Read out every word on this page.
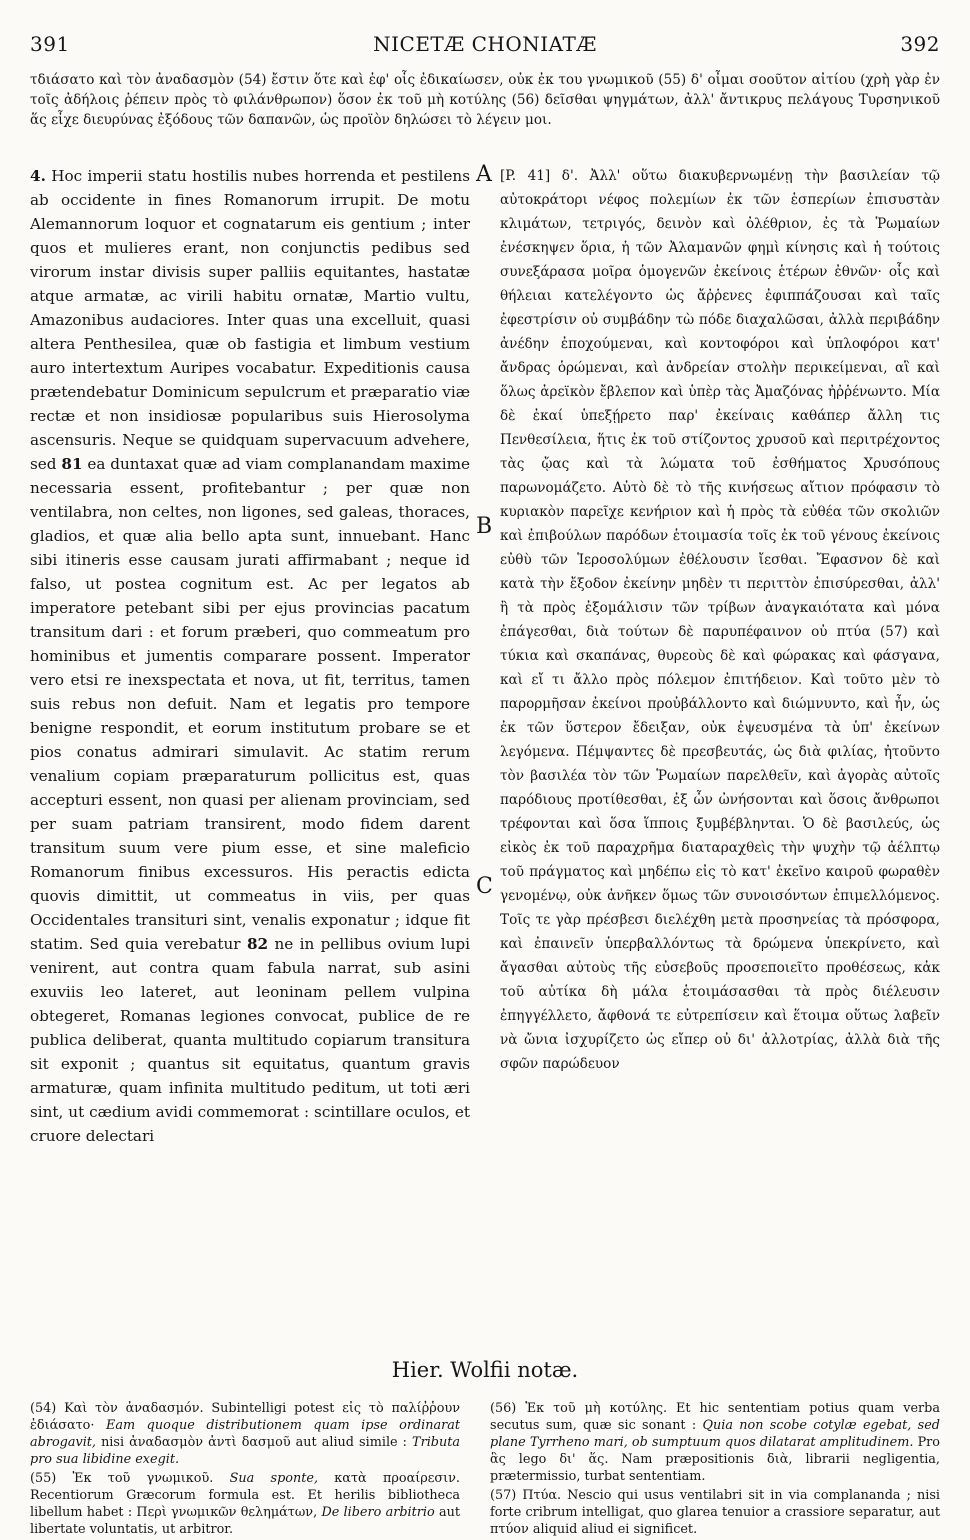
391	NICETÆ CHONIATÆ	392

τδιάσατο καὶ τὸν ἀναδασμὸν (54) ἔστιν ὅτε καὶ ἐφ' οἷς ἐδικαίωσεν, οὐκ ἐκ του γνωμικοῦ (55) δ' οἶμαι σοοῦτον αἰτίου (χρὴ γὰρ ἐν τοῖς ἀδήλοις ῥέπειν πρὸς τὸ φιλάνθρωπον) ὅσον ἐκ τοῦ μὴ κοτύλης (56) δεῖσθαι ψηγμάτων, ἀλλ' ἄντικρυς πελάγους Τυρσηνικοῦ ἅς εἶχε διευρύνας ἐξόδους τῶν δαπανῶν, ὡς προϊὸν δηλώσει τὸ λέγειν μοι.

4. Hoc imperii statu hostilis nubes horrenda et pestilens ab occidente in fines Romanorum irrupit. De motu Alemannorum loquor et cognatarum eis gentium ; inter quos et mulieres erant, non conjunctis pedibus sed virorum instar divisis super palliis equitantes, hastatæ atque armatæ, ac virili habitu ornatæ, Martio vultu, Amazonibus audaciores. Inter quas una excelluit, quasi altera Penthesilea, quæ ob fastigia et limbum vestium auro intertextum Auripes vocabatur. Expeditionis causa prætendebatur Dominicum sepulcrum et præparatio viæ rectæ et non insidiosæ popularibus suis Hierosolyma ascensuris. Neque se quidquam supervacuum advehere, sed 81 ea duntaxat quæ ad viam complanandam maxime necessaria essent, profitebantur ; per quæ non ventilabra, non celtes, non ligones, sed galeas, thoraces, gladios, et quæ alia bello apta sunt, innuebant. Hanc sibi itineris esse causam jurati affirmabant ; neque id falso, ut postea cognitum est. Ac per legatos ab imperatore petebant sibi per ejus provincias pacatum transitum dari : et forum præberi, quo commeatum pro hominibus et jumentis comparare possent. Imperator vero etsi re inexspectata et nova, ut fit, territus, tamen suis rebus non defuit. Nam et legatis pro tempore benigne respondit, et eorum institutum probare se et pios conatus admirari simulavit. Ac statim rerum venalium copiam præparaturum pollicitus est, quas accepturi essent, non quasi per alienam provinciam, sed per suam patriam transirent, modo fidem darent transitum suum vere pium esse, et sine maleficio Romanorum finibus excessuros. His peractis edicta quovis dimittit, ut commeatus in viis, per quas Occidentales transituri sint, venalis exponatur ; idque fit statim. Sed quia verebatur 82 ne in pellibus ovium lupi venirent, aut contra quam fabula narrat, sub asini exuviis leo lateret, aut leoninam pellem vulpina obtegeret, Romanas legiones convocat, publice de re publica deliberat, quanta multitudo copiarum transitura sit exponit ; quantus sit equitatus, quantum gravis armaturæ, quam infinita multitudo peditum, ut toti æri sint, ut cædium avidi commemorat : scintillare oculos, et cruore delectari

A
B
C

[P. 41] δ'. Ἀλλ' οὕτω διακυβερνωμένῃ τὴν βασιλείαν τῷ αὐτοκράτορι νέφος πολεμίων ἐκ τῶν ἑσπερίων ἐπισυστὰν κλιμάτων, τετριγός, δεινὸν καὶ ὀλέθριον, ἐς τὰ Ῥωμαίων ἐνέσκηψεν ὅρια, ἡ τῶν Ἀλαμανῶν φημὶ κίνησις καὶ ἡ τούτοις συνεξάρασα μοῖρα ὁμογενῶν ἐκείνοις ἑτέρων ἐθνῶν· οἷς καὶ θήλειαι κατελέγοντο ὡς ἄῤῥενες ἐφιππάζουσαι καὶ ταῖς ἐφεστρίσιν οὐ συμβάδην τὼ πόδε διαχαλῶσαι, ἀλλὰ περιβάδην ἀνέδην ἐποχούμεναι, καὶ κοντοφόροι καὶ ὑπλοφόροι κατ' ἄνδρας ὁρώμεναι, καὶ ἀνδρείαν στολὴν περικείμεναι, αἳ καὶ ὅλως ἀρεϊκὸν ἔβλεπον καὶ ὑπὲρ τὰς Ἀμαζόνας ἠῤῥένωντο. Μία δὲ ἐκαί ὑπεξῄρετο παρ' ἐκείναις καθάπερ ἄλλη τις Πενθεσίλεια, ἥτις ἐκ τοῦ στίζοντος χρυσοῦ καὶ περιτρέχοντος τὰς ᾤας καὶ τὰ λώματα τοῦ ἐσθήματος Χρυσόπους παρωνομάζετο. Αὐτὸ δὲ τὸ τῆς κινήσεως αἴτιον πρόφασιν τὸ κυριακὸν παρεῖχε κενήριον καὶ ἡ πρὸς τὰ εὐθέα τῶν σκολιῶν καὶ ἐπιβούλων παρόδων ἑτοιμασία τοῖς ἐκ τοῦ γένους ἐκείνοις εὐθὺ τῶν Ἱεροσολύμων ἐθέλουσιν ἴεσθαι. Ἔφασνον δὲ καὶ κατὰ τὴν ἔξοδον ἐκείνην μηδὲν τι περιττὸν ἐπισύρεσθαι, ἀλλ' ἢ τὰ πρὸς ἐξομάλισιν τῶν τρίβων ἀναγκαιότατα καὶ μόνα ἐπάγεσθαι, διὰ τούτων δὲ παρυπέφαινον οὐ πτύα (57) καὶ τύκια καὶ σκαπάνας, θυρεοὺς δὲ καὶ φώρακας καὶ φάσγανα, καὶ εἴ τι ἄλλο πρὸς πόλεμον ἐπιτήδειον. Καὶ τοῦτο μὲν τὸ παρορμῆσαν ἐκείνοι προὐβάλλοντο καὶ διώμνυντο, καὶ ἦν, ὡς ἐκ τῶν ὕστερον ἔδειξαν, οὐκ ἐψευσμένα τὰ ὑπ' ἐκείνων λεγόμενα. Πέμψαντες δὲ πρεσβευτάς, ὡς διὰ φιλίας, ἠτοῦντο τὸν βασιλέα τὸν τῶν Ῥωμαίων παρελθεῖν, καὶ ἀγορὰς αὐτοῖς παρόδιους προτίθεσθαι, ἐξ ὧν ὠνήσονται καὶ ὅσοις ἄνθρωποι τρέφονται καὶ ὅσα ἵπποις ξυμβέβληνται. Ὁ δὲ βασιλεύς, ὡς εἰκὸς ἐκ τοῦ παραχρῆμα διαταραχθεὶς τὴν ψυχὴν τῷ ἀέλπτῳ τοῦ πράγματος καὶ μηδέπω εἰς τὸ κατ' ἐκεῖνο καιροῦ φωραθὲν γενομένῳ, οὐκ ἀνῆκεν ὅμως τῶν συνοισόντων ἐπιμελλόμενος. Τοῖς τε γὰρ πρέσβεσι διελέχθη μετὰ προσηνείας τὰ πρόσφορα, καὶ ἐπαινεῖν ὑπερβαλλόντως τὰ δρώμενα ὑπεκρίνετο, καὶ ἄγασθαι αὐτοὺς τῆς εὐσεβοῦς προσεποιεῖτο προθέσεως, κἀκ τοῦ αὐτίκα δὴ μάλα ἑτοιμάσασθαι τὰ πρὸς διέλευσιν ἐπηγγέλλετο, ἄφθονά τε εὐτρεπίσειν καὶ ἕτοιμα οὕτως λαβεῖν νὰ ὤνια ἰσχυρίζετο ὡς εἴπερ οὐ δι' ἀλλοτρίας, ἀλλὰ διὰ τῆς σφῶν παρώδευον

Hier. Wolfii notæ.

(54) Καὶ τὸν ἀναδασμόν. Subintelligi potest εἰς τὸ παλίῤῥουν ἐδιάσατο· Eam quoque distributionem quam ipse ordinarat abrogavit, nisi ἀναδασμὸν ἀντὶ δασμοῦ aut aliud simile : Tributa pro sua libidine exegit.

(55) Ἐκ τοῦ γνωμικοῦ. Sua sponte, κατὰ προαίρεσιν. Recentiorum Græcorum formula est. Et herilis bibliotheca libellum habet : Περὶ γνωμικῶν θελημάτων, De libero arbitrio aut libertate voluntatis, ut arbitror.

(56) Ἐκ τοῦ μὴ κοτύλης. Et hic sententiam potius quam verba secutus sum, quæ sic sonant : Quia non scobe cotylæ egebat, sed plane Tyrrheno mari, ob sumptuum quos dilatarat amplitudinem. Pro ἃς lego δι' ἅς. Nam præpositionis διὰ, librarii negligentia, prætermissio, turbat sententiam.

(57) Πτύα. Nescio qui usus ventilabri sit in via complananda ; nisi forte cribrum intelligat, quo glarea tenuior a crassiore separatur, aut πτύον aliquid aliud ei significet.
